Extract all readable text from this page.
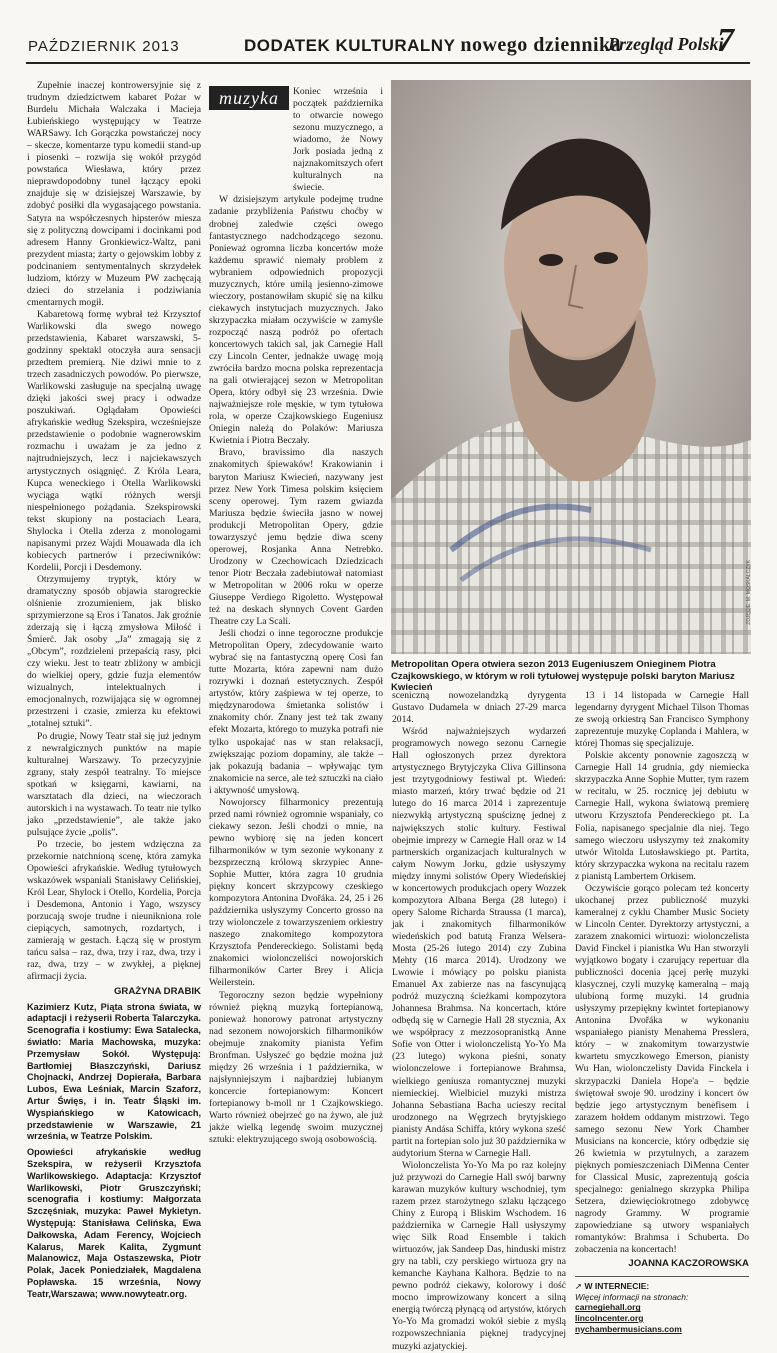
PAŹDZIERNIK 2013	DODATEK KULTURALNY nowego dziennika
Przegląd Polski
7

Zupełnie inaczej kontrowersyjnie się z trudnym dziedzictwem kabaret Pożar w Burdelu Michała Walczaka i Macieja Łubieńskiego występujący w Teatrze WARSawy. Ich Gorączka powstańczej nocy – skecze, komentarze typu komedii stand-up i piosenki – rozwija się wokół przygód powstańca Wiesława, który przez nieprawdopodobny tunel łączący epoki znajduje się w dzisiejszej Warszawie, by zdobyć posiłki dla wygasającego powstania. Satyra na współczesnych hipsterów miesza się z polityczną dowcipami i docinkami pod adresem Hanny Gronkiewicz-Waltz, pani prezydent miasta; żarty o gejowskim lobby z podcinaniem sentymentalnych skrzydełek ludziom, którzy w Muzeum PW zachęcają dzieci do strzelania i podziwiania cmentarnych mogił.

Kabaretową formę wybrał też Krzysztof Warlikowski dla swego nowego przedstawienia, Kabaret warszawski, 5-godzinny spektakl otoczyła aura sensacji przedtem premierą. Nie dziwi mnie to z trzech zasadniczych powodów. Po pierwsze, Warlikowski zasługuje na specjalną uwagę dzięki jakości swej pracy i odwadze poszukiwań. Oglądałam Opowieści afrykańskie według Szekspira, wcześniejsze przedstawienie o podobnie wagnerowskim rozmachu i uważam je za jedno z najtrudniejszych, lecz i najciekawszych artystycznych osiągnięć. Z Króla Leara, Kupca weneckiego i Otella Warlikowski wyciąga wątki różnych wersji niespełnionego pożądania. Szekspirowski tekst skupiony na postaciach Leara, Shylocka i Otella zderza z monologami napisanymi przez Wajdi Mouawada dla ich kobiecych partnerów i przeciwników: Kordelii, Porcji i Desdemony.

Otrzymujemy tryptyk, który w dramatyczny sposób objawia starogreckie olśnienie zrozumieniem, jak blisko sprzymierzone są Eros i Tanatos. Jak groźnie zderzają się i łączą zmysłowa Miłość i Śmierć. Jak osoby „Ja” zmagają się z „Obcym”, rozdzieleni przepaścią rasy, płci czy wieku. Jest to teatr zbliżony w ambicji do wielkiej opery, gdzie fuzja elementów wizualnych, intelektualnych i emocjonalnych, rozwijająca się w ogromnej przestrzeni i czasie, zmierza ku efektowi „totalnej sztuki”.

Po drugie, Nowy Teatr stał się już jednym z newralgicznych punktów na mapie kulturalnej Warszawy. To przecyzyjnie zgrany, stały zespół teatralny. To miejsce spotkań w księgarni, kawiarni, na warsztatach dla dzieci, na wieczorach autorskich i na wystawach. To teatr nie tylko jako „przedstawienie”, ale także jako pulsujące życie „polis”.

Po trzecie, bo jestem wdzięczna za przekornie natchnioną scenę, która zamyka Opowieści afrykańskie. Według tytułowych wskazówek wspaniali Stanisławy Celińskiej, Król Lear, Shylock i Otello, Kordelia, Porcja i Desdemona, Antonio i Yago, wszyscy porzucają swoje trudne i nieunikniona role ciepiących, samotnych, rozdartych, i zamierają w gestach. Łączą się w prostym tańcu salsa – raz, dwa, trzy i raz, dwa, trzy i raz, dwa, trzy – w zwykłej, a pięknej afirmacji życia.

GRAŻYNA DRABIK

Kazimierz Kutz, Piąta strona świata, w adaptacji i reżyserii Roberta Talarczyka. Scenografia i kostiumy: Ewa Satalecka, światło: Maria Machowska, muzyka: Przemysław Sokół. Występują: Bartłomiej Błaszczyński, Dariusz Chojnacki, Andrzej Dopierała, Barbara Lubos, Ewa Leśniak, Marcin Szaforz, Artur Święs, i in. Teatr Śląski im. Wyspiańskiego w Katowicach, przedstawienie w Warszawie, 21 września, w Teatrze Polskim.

Opowieści afrykańskie według Szekspira, w reżyserii Krzysztofa Warlikowskiego. Adaptacja: Krzysztof Warlikowski, Piotr Gruszczyński; scenografia i kostiumy: Małgorzata Szczęśniak, muzyka: Paweł Mykietyn. Występują: Stanisława Celińska, Ewa Dałkowska, Adam Ferency, Wojciech Kalarus, Marek Kalita, Zygmunt Malanowicz, Maja Ostaszewska, Piotr Polak, Jacek Poniedziałek, Magdalena Popławska. 15 września, Nowy Teatr,Warszawa; www.nowyteatr.org.

muzyka	Koniec września i początek października to otwarcie nowego sezonu muzycznego, a wiadomo, że Nowy Jork posiada jedną z najznakomitszych ofert kulturalnych na świecie.

W dzisiejszym artykule podejmę trudne zadanie przybliżenia Państwu choćby w drobnej zaledwie części owego fantastycznego nadchodzącego sezonu. Ponieważ ogromna liczba koncertów może każdemu sprawić niemały problem z wybraniem odpowiednich propozycji muzycznych, które umilą jesienno-zimowe wieczory, postanowiłam skupić się na kilku ciekawych instytucjach muzycznych. Jako skrzypaczka miałam oczywiście w zamyśle rozpocząć naszą podróż po ofertach koncertowych takich sal, jak Carnegie Hall czy Lincoln Center, jednakże uwagę moją zwróciła bardzo mocna polska reprezentacja na gali otwierającej sezon w Metropolitan Opera, który odbył się 23 września. Dwie najważniejsze role męskie, w tym tytułowa rola, w operze Czajkowskiego Eugeniusz Oniegin należą do Polaków: Mariusza Kwietnia i Piotra Beczały.

Bravo, bravissimo dla naszych znakomitych śpiewaków! Krakowianin i baryton Mariusz Kwiecień, nazywany jest przez New York Timesa polskim księciem sceny operowej. Tym razem gwiazda Mariusza będzie świeciła jasno w nowej produkcji Metropolitan Opery, gdzie towarzyszyć jemu będzie diwa sceny operowej, Rosjanka Anna Netrebko. Urodzony w Czechowicach Dziedzicach tenor Piotr Beczała zadebiutował natomiast w Metropolitan w 2006 roku w operze Giuseppe Verdiego Rigoletto. Występował też na deskach słynnych Covent Garden Theatre czy La Scali.

Jeśli chodzi o inne tegoroczne produkcje Metropolitan Opery, zdecydowanie warto wybrać się na fantastyczną operę Così fan tutte Mozarta, która zapewni nam dużo rozrywki i doznań estetycznych. Zespół artystów, który zaśpiewa w tej operze, to międzynarodowa śmietanka solistów i znakomity chór. Znany jest też tak zwany efekt Mozarta, którego to muzyka potrafi nie tylko uspokajać nas w stan relaksacji, zwiększając poziom dopaminy, ale także – jak pokazują badania – wpływając tym znakomicie na serce, ale też sztuczki na ciało i aktywność umysłową.

Nowojorscy filharmonicy prezentują przed nami również ogromnie wspaniały, co ciekawy sezon. Jeśli chodzi o mnie, na pewno wybiorę się na jeden koncert filharmoników w tym sezonie wykonany z bezsprzeczną królową skrzypiec Anne-Sophie Mutter, która zagra 10 grudnia piękny koncert skrzypcowy czeskiego kompozytora Antonina Dvořáka. 24, 25 i 26 października usłyszymy Concerto grosso na trzy wiolonczele z towarzyszeniem orkiestry naszego znakomitego kompozytora Krzysztofa Pendereckiego. Solistami będą znakomici wiolonczeliści nowojorskich filharmoników Carter Brey i Alicja Weilerstein.

Tegoroczny sezon będzie wypełniony również piękną muzyką fortepianową, ponieważ honorowy patronat artystyczny nad sezonem nowojorskich filharmoników obejmuje znakomity pianista Yefim Bronfman. Usłyszeć go będzie można już między 26 września i 1 października, w najsłynniejszym i najbardziej lubianym koncercie fortepianowym: Koncert fortepianowy b-moll nr 1 Czajkowskiego. Warto również obejrzeć go na żywo, ale już jakże wielką legendę swoim muzycznej sztuki: elektryzującego swoją osobowością.

ZDJĘCIE: M. MOSKALCZYK
Metropolitan Opera otwiera sezon 2013 Eugeniuszem Onieginem Piotra Czajkowskiego, w którym w roli tytułowej występuje polski baryton Mariusz Kwiecień

sceniczną nowozelandzką dyrygenta Gustavo Dudamela w dniach 27-29 marca 2014.

Wśród najważniejszych wydarzeń programowych nowego sezonu Carnegie Hall ogłoszonych przez dyrektora artystycznego Brytyjczyka Cliva Gillinsona jest trzytygodniowy festiwal pt. Wiedeń: miasto marzeń, który trwać będzie od 21 lutego do 16 marca 2014 i zaprezentuje niezwykłą artystyczną spuściznę jednej z największych stolic kultury. Festiwal obejmie imprezy w Carnegie Hall oraz w 14 partnerskich organizacjach kulturalnych w całym Nowym Jorku, gdzie usłyszymy między innymi solistów Opery Wiedeńskiej w koncertowych produkcjach opery Wozzek kompozytora Albana Berga (28 lutego) i opery Salome Richarda Straussa (1 marca), jak i znakomitych filharmoników wiedeńskich pod batutą Franza Welsera-Mosta (25-26 lutego 2014) czy Zubina Mehty (16 marca 2014). Urodzony we Lwowie i mówiący po polsku pianista Emanuel Ax zabierze nas na fascynującą podróż muzyczną ścieżkami kompozytora Johannesa Brahmsa. Na koncertach, które odbędą się w Carnegie Hall 28 stycznia, Ax we współpracy z mezzosopranistką Anne Sofie von Otter i wiolonczelistą Yo-Yo Ma (23 lutego) wykona pieśni, sonaty wiolonczelowe i fortepianowe Brahmsa, wielkiego geniusza romantycznej muzyki niemieckiej. Wielbiciel muzyki mistrza Johanna Sebastiana Bacha ucieszy recital urodzonego na Węgrzech brytyjskiego pianisty Andása Schiffa, który wykona sześć partit na fortepian solo już 30 października w audytorium Sterna w Carnegie Hall.

Wiolonczelista Yo-Yo Ma po raz kolejny już przywozi do Carnegie Hall swój barwny karawan muzyków kultury wschodniej, tym razem przez starożytnego szlaku łączącego Chiny z Europą i Bliskim Wschodem. 16 października w Carnegie Hall usłyszymy więc Silk Road Ensemble i takich wirtuozów, jak Sandeep Das, hinduski mistrz gry na tabli, czy perskiego wirtuoza gry na kemanche Kayhana Kalhora. Będzie to na pewno podróż ciekawy, kolorowy i dość mocno improwizowany koncert a silną energią twórczą płynącą od artystów, których Yo-Yo Ma gromadzi wokół siebie z myślą rozpowszechniania pięknej tradycyjnej muzyki azjatyckiej.

13 i 14 listopada w Carnegie Hall legendarny dyrygent Michael Tilson Thomas ze swoją orkiestrą San Francisco Symphony zaprezentuje muzykę Coplanda i Mahlera, w której Thomas się specjalizuje.

Polskie akcenty ponownie zagoszczą w Carnegie Hall 14 grudnia, gdy niemiecka skrzypaczka Anne Sophie Mutter, tym razem w recitalu, w 25. rocznicę jej debiutu w Carnegie Hall, wykona światową premierę utworu Krzysztofa Pendereckiego pt. La Folia, napisanego specjalnie dla niej. Tego samego wieczoru usłyszymy też znakomity utwór Witolda Lutosławskiego pt. Partita, który skrzypaczka wykona na recitalu razem z pianistą Lambertem Orkisem.

Oczywiście gorąco polecam też koncerty ukochanej przez publiczność muzyki kameralnej z cyklu Chamber Music Society w Lincoln Center. Dyrektorzy artystyczni, a zarazem znakomici wirtuozi: wiolonczelista David Finckel i pianistka Wu Han stworzyli wyjątkowo bogaty i czarujący repertuar dla publiczności docenia jącej perłę muzyki klasycznej, czyli muzykę kameralną – mają ulubioną formę muzyki. 14 grudnia usłyszymy przepiękny kwintet fortepianowy Antonina Dvořáka w wykonaniu wspaniałego pianisty Menahema Presslera, który – w znakomitym towarzystwie kwartetu smyczkowego Emerson, pianisty Wu Han, wiolonczelisty Davida Finckela i skrzypaczki Daniela Hope'a – będzie świętował swoje 90. urodziny i koncert ów będzie jego artystycznym benefisem i zarazem hołdem oddanym mistrzowi. Tego samego sezonu New York Chamber Musicians na koncercie, który odbędzie się 26 kwietnia w przytulnych, a zarazem pięknych pomieszczeniach DiMenna Center for Classical Music, zaprezentują gościa specjalnego: genialnego skrzypka Philipa Setzera, dziewięciokrotnego zdobywcę nagrody Grammy. W programie zapowiedziane są utwory wspaniałych romantyków: Brahmsa i Schuberta. Do zobaczenia na koncertach!

JOANNA KACZOROWSKA

➚ W INTERNECIE:
Więcej informacji na stronach:
carnegiehall.org
lincolncenter.org
nychambermusicians.com
